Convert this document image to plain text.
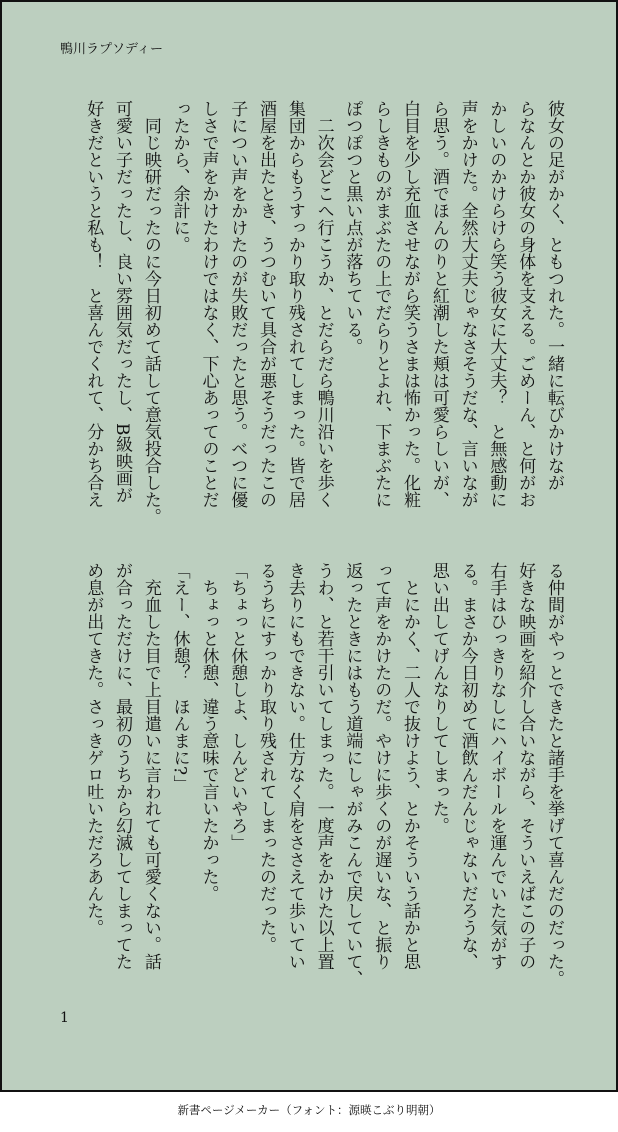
鴨川ラプソディー

彼女の足がかく、ともつれた。一緒に転びかけなが
らなんとか彼女の身体を支える。ごめーん、と何がお
かしいのかけらけら笑う彼女に大丈夫？　と無感動に
声をかけた。全然大丈夫じゃなさそうだな、言いなが
ら思う。酒でほんのりと紅潮した頬は可愛らしいが、
白目を少し充血させながら笑うさまは怖かった。化粧
らしきものがまぶたの上でだらりとよれ、下まぶたに
ぽつぽつと黒い点が落ちている。

　二次会どこへ行こうか、とだらだら鴨川沿いを歩く
集団からもうすっかり取り残されてしまった。皆で居
酒屋を出たとき、うつむいて具合が悪そうだったこの
子につい声をかけたのが失敗だったと思う。べつに優
しさで声をかけたわけではなく、下心あってのことだ
ったから、余計に。

　同じ映研だったのに今日初めて話して意気投合した。
可愛い子だったし、良い雰囲気だったし、B級映画が
好きだというと私も！　と喜んでくれて、分かち合え

る仲間がやっとできたと諸手を挙げて喜んだのだった。
好きな映画を紹介し合いながら、そういえばこの子の
右手はひっきりなしにハイボールを運んでいた気がす
る。まさか今日初めて酒飲んだんじゃないだろうな、
思い出してげんなりしてしまった。

　とにかく、二人で抜けよう、とかそういう話かと思
って声をかけたのだ。やけに歩くのが遅いな、と振り
返ったときにはもう道端にしゃがみこんで戻していて、
うわ、と若干引いてしまった。一度声をかけた以上置
き去りにもできない。仕方なく肩をささえて歩いてい
るうちにすっかり取り残されてしまったのだった。

「ちょっと休憩しよ、しんどいやろ」

　ちょっと休憩、違う意味で言いたかった。

「えー、休憩？　ほんまに?」

　充血した目で上目遣いに言われても可愛くない。話
が合っただけに、最初のうちから幻滅してしまってた
め息が出てきた。さっきゲロ吐いただろあんた。

1
新書ページメーカー（フォント：源暎こぶり明朝）
